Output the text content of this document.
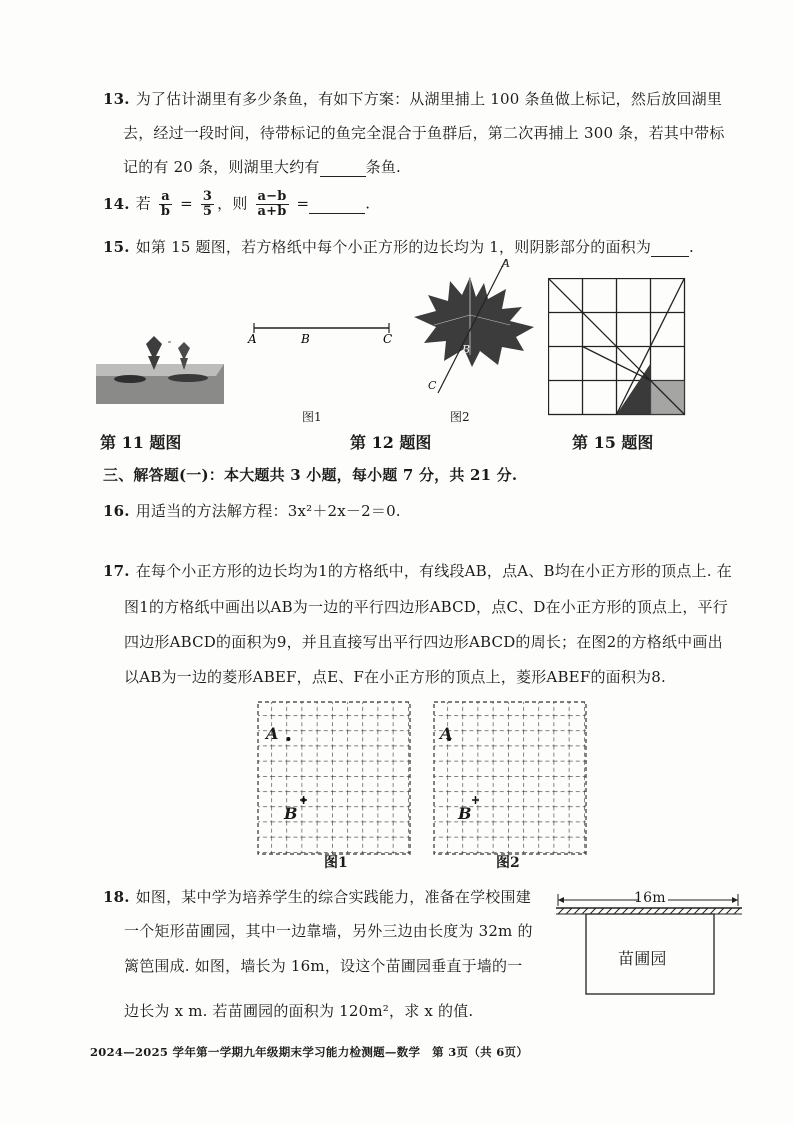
13. 为了估计湖里有多少条鱼，有如下方案：从湖里捕上 100 条鱼做上标记，然后放回湖里
去，经过一段时间，待带标记的鱼完全混合于鱼群后，第二次再捕上 300 条，若其中带标
记的有 20 条，则湖里大约有	条鱼.
14. 若 $\frac{a}{b} = \frac{3}{5}$ ，则 $\frac{a-b}{a+b}$ =	.
15. 如第 15 题图，若方格纸中每个小正方形的边长均为 1，则阴影部分的面积为	.
A	B	C
图1
A
B
C
图2
第 11 题图	第 12 题图	第 15 题图
三、解答题(一)：本大题共 3 小题，每小题 7 分，共 21 分.
16. 用适当的方法解方程：3x²＋2x－2＝0.
17. 在每个小正方形的边长均为1的方格纸中，有线段AB，点A、B均在小正方形的顶点上. 在
图1的方格纸中画出以AB为一边的平行四边形ABCD，点C、D在小正方形的顶点上，平行
四边形ABCD的面积为9，并且直接写出平行四边形ABCD的周长；在图2的方格纸中画出
以AB为一边的菱形ABEF，点E、F在小正方形的顶点上，菱形ABEF的面积为8.
A
B
图1
A
B
图2
18. 如图，某中学为培养学生的综合实践能力，准备在学校围建
一个矩形苗圃园，其中一边靠墙，另外三边由长度为 32m 的
篱笆围成. 如图，墙长为 16m，设这个苗圃园垂直于墙的一
边长为 x m. 若苗圃园的面积为 120m²，求 x 的值.
16m
苗圃园
2024—2025 学年第一学期九年级期末学习能力检测题—数学　第 3页（共 6页）
